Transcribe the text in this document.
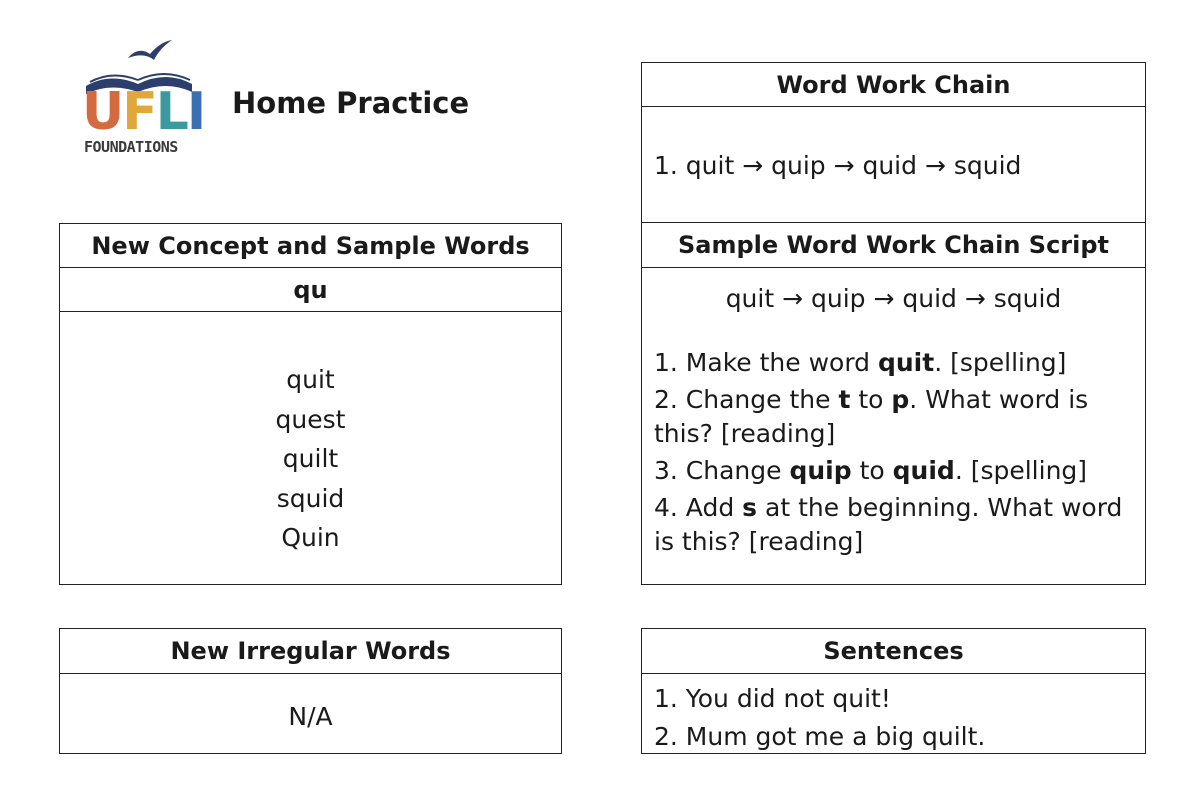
UFLI
FOUNDATIONS
Home Practice
New Concept and Sample Words
qu
quit
quest
quilt
squid
Quin
New Irregular Words
N/A
Word Work Chain
1. quit → quip → quid → squid
Sample Word Work Chain Script
quit → quip → quid → squid
1. Make the word quit. [spelling]
2. Change the t to p. What word is this? [reading]
3. Change quip to quid. [spelling]
4. Add s at the beginning. What word is this? [reading]
Sentences
1. You did not quit!
2. Mum got me a big quilt.
